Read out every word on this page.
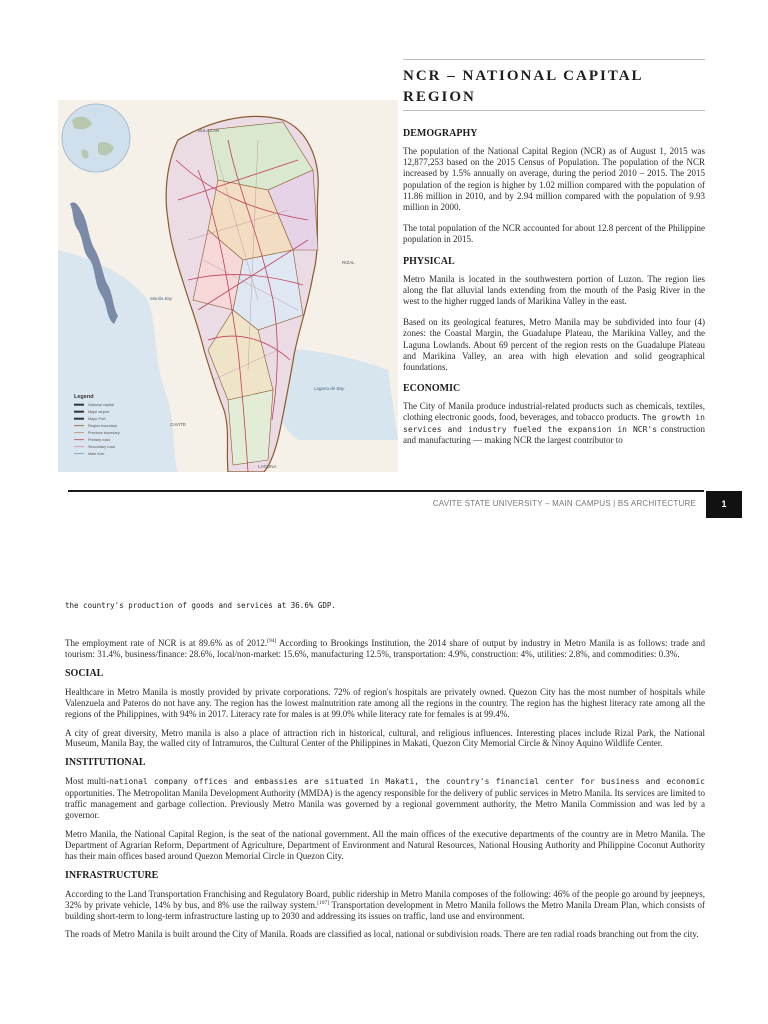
BULACAN
RIZAL
CAVITE
LAGUNA
Manila Bay
Laguna de Bay
Legend
National capital
Major airport
Major Port
Region boundary
Province boundary
Primary road
Secondary road
Main river
NCR – NATIONAL CAPITAL REGION
DEMOGRAPHY

The population of the National Capital Region (NCR) as of August 1, 2015 was 12,877,253 based on the 2015 Census of Population. The population of the NCR increased by 1.5% annually on average, during the period 2010 – 2015. The 2015 population of the region is higher by 1.02 million compared with the population of 11.86 million in 2010, and by 2.94 million compared with the population of 9.93 million in 2000.

The total population of the NCR accounted for about 12.8 percent of the Philippine population in 2015.

PHYSICAL

Metro Manila is located in the southwestern portion of Luzon. The region lies along the flat alluvial lands extending from the mouth of the Pasig River in the west to the higher rugged lands of Marikina Valley in the east.

Based on its geological features, Metro Manila may be subdivided into four (4) zones: the Coastal Margin, the Guadalupe Plateau, the Marikina Valley, and the Laguna Lowlands. About 69 percent of the region rests on the Guadalupe Plateau and Marikina Valley, an area with high elevation and solid geographical foundations.

ECONOMIC

The City of Manila produce industrial-related products such as chemicals, textiles, clothing electronic goods, food, beverages, and tobacco products. The growth in services and industry fueled the expansion in NCR's construction and manufacturing — making NCR the largest contributor to

CAVITE STATE UNIVERSITY – MAIN CAMPUS | BS ARCHITECTURE	1

the country's production of goods and services at 36.6% GDP.

The employment rate of NCR is at 89.6% as of 2012.[94] According to Brookings Institution, the 2014 share of output by industry in Metro Manila is as follows: trade and tourism: 31.4%, business/finance: 28.6%, local/non-market: 15.6%, manufacturing 12.5%, transportation: 4.9%, construction: 4%, utilities: 2.8%, and commodities: 0.3%.

SOCIAL

Healthcare in Metro Manila is mostly provided by private corporations. 72% of region's hospitals are privately owned. Quezon City has the most number of hospitals while Valenzuela and Pateros do not have any. The region has the lowest malnutrition rate among all the regions in the country. The region has the highest literacy rate among all the regions of the Philippines, with 94% in 2017. Literacy rate for males is at 99.0% while literacy rate for females is at 99.4%.

A city of great diversity, Metro manila is also a place of attraction rich in historical, cultural, and religious influences. Interesting places include Rizal Park, the National Museum, Manila Bay, the walled city of Intramuros, the Cultural Center of the Philippines in Makati, Quezon City Memorial Circle & Ninoy Aquino Wildlife Center.

INSTITUTIONAL

Most multi-national company offices and embassies are situated in Makati, the country's financial center for business and economic opportunities. The Metropolitan Manila Development Authority (MMDA) is the agency responsible for the delivery of public services in Metro Manila. Its services are limited to traffic management and garbage collection. Previously Metro Manila was governed by a regional government authority, the Metro Manila Commission and was led by a governor.

Metro Manila, the National Capital Region, is the seat of the national government. All the main offices of the executive departments of the country are in Metro Manila. The Department of Agrarian Reform, Department of Agriculture, Department of Environment and Natural Resources, National Housing Authority and Philippine Coconut Authority has their main offices based around Quezon Memorial Circle in Quezon City.

INFRASTRUCTURE

According to the Land Transportation Franchising and Regulatory Board, public ridership in Metro Manila composes of the following: 46% of the people go around by jeepneys, 32% by private vehicle, 14% by bus, and 8% use the railway system.[107] Transportation development in Metro Manila follows the Metro Manila Dream Plan, which consists of building short-term to long-term infrastructure lasting up to 2030 and addressing its issues on traffic, land use and environment.

The roads of Metro Manila is built around the City of Manila. Roads are classified as local, national or subdivision roads. There are ten radial roads branching out from the city.
